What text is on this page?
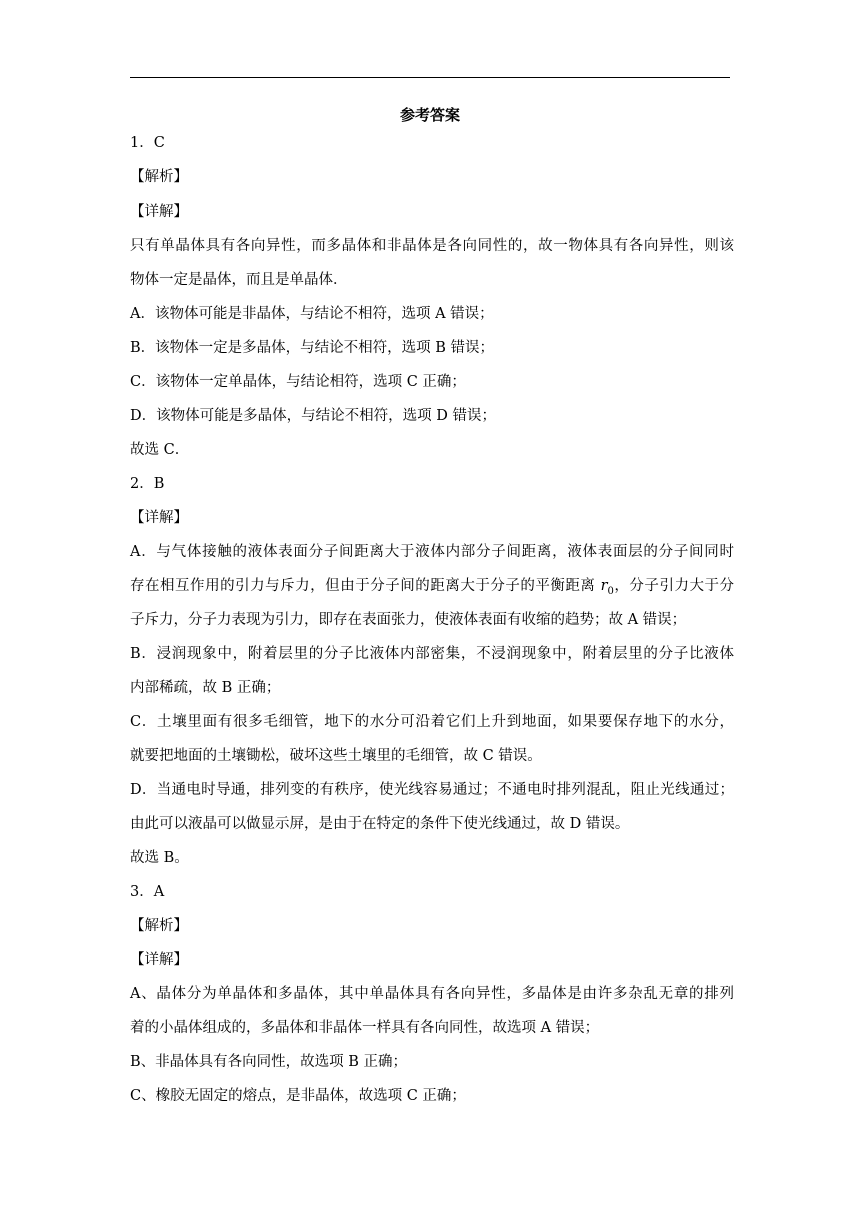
参考答案
1．C
【解析】
【详解】
只有单晶体具有各向异性，而多晶体和非晶体是各向同性的，故一物体具有各向异性，则该
物体一定是晶体，而且是单晶体．
A．该物体可能是非晶体，与结论不相符，选项 A 错误；
B．该物体一定是多晶体，与结论不相符，选项 B 错误；
C．该物体一定单晶体，与结论相符，选项 C 正确；
D．该物体可能是多晶体，与结论不相符，选项 D 错误；
故选 C．
2．B
【详解】
A．与气体接触的液体表面分子间距离大于液体内部分子间距离，液体表面层的分子间同时
存在相互作用的引力与斥力，但由于分子间的距离大于分子的平衡距离 $r_0$，分子引力大于分
子斥力，分子力表现为引力，即存在表面张力，使液体表面有收缩的趋势；故 A 错误；
B．浸润现象中，附着层里的分子比液体内部密集，不浸润现象中，附着层里的分子比液体
内部稀疏，故 B 正确；
C．土壤里面有很多毛细管，地下的水分可沿着它们上升到地面，如果要保存地下的水分，
就要把地面的土壤锄松，破坏这些土壤里的毛细管，故 C 错误。
D．当通电时导通，排列变的有秩序，使光线容易通过；不通电时排列混乱，阻止光线通过；
由此可以液晶可以做显示屏，是由于在特定的条件下使光线通过，故 D 错误。
故选 B。
3．A
【解析】
【详解】
A、晶体分为单晶体和多晶体，其中单晶体具有各向异性，多晶体是由许多杂乱无章的排列
着的小晶体组成的，多晶体和非晶体一样具有各向同性，故选项 A 错误；
B、非晶体具有各向同性，故选项 B 正确；
C、橡胶无固定的熔点，是非晶体，故选项 C 正确；
